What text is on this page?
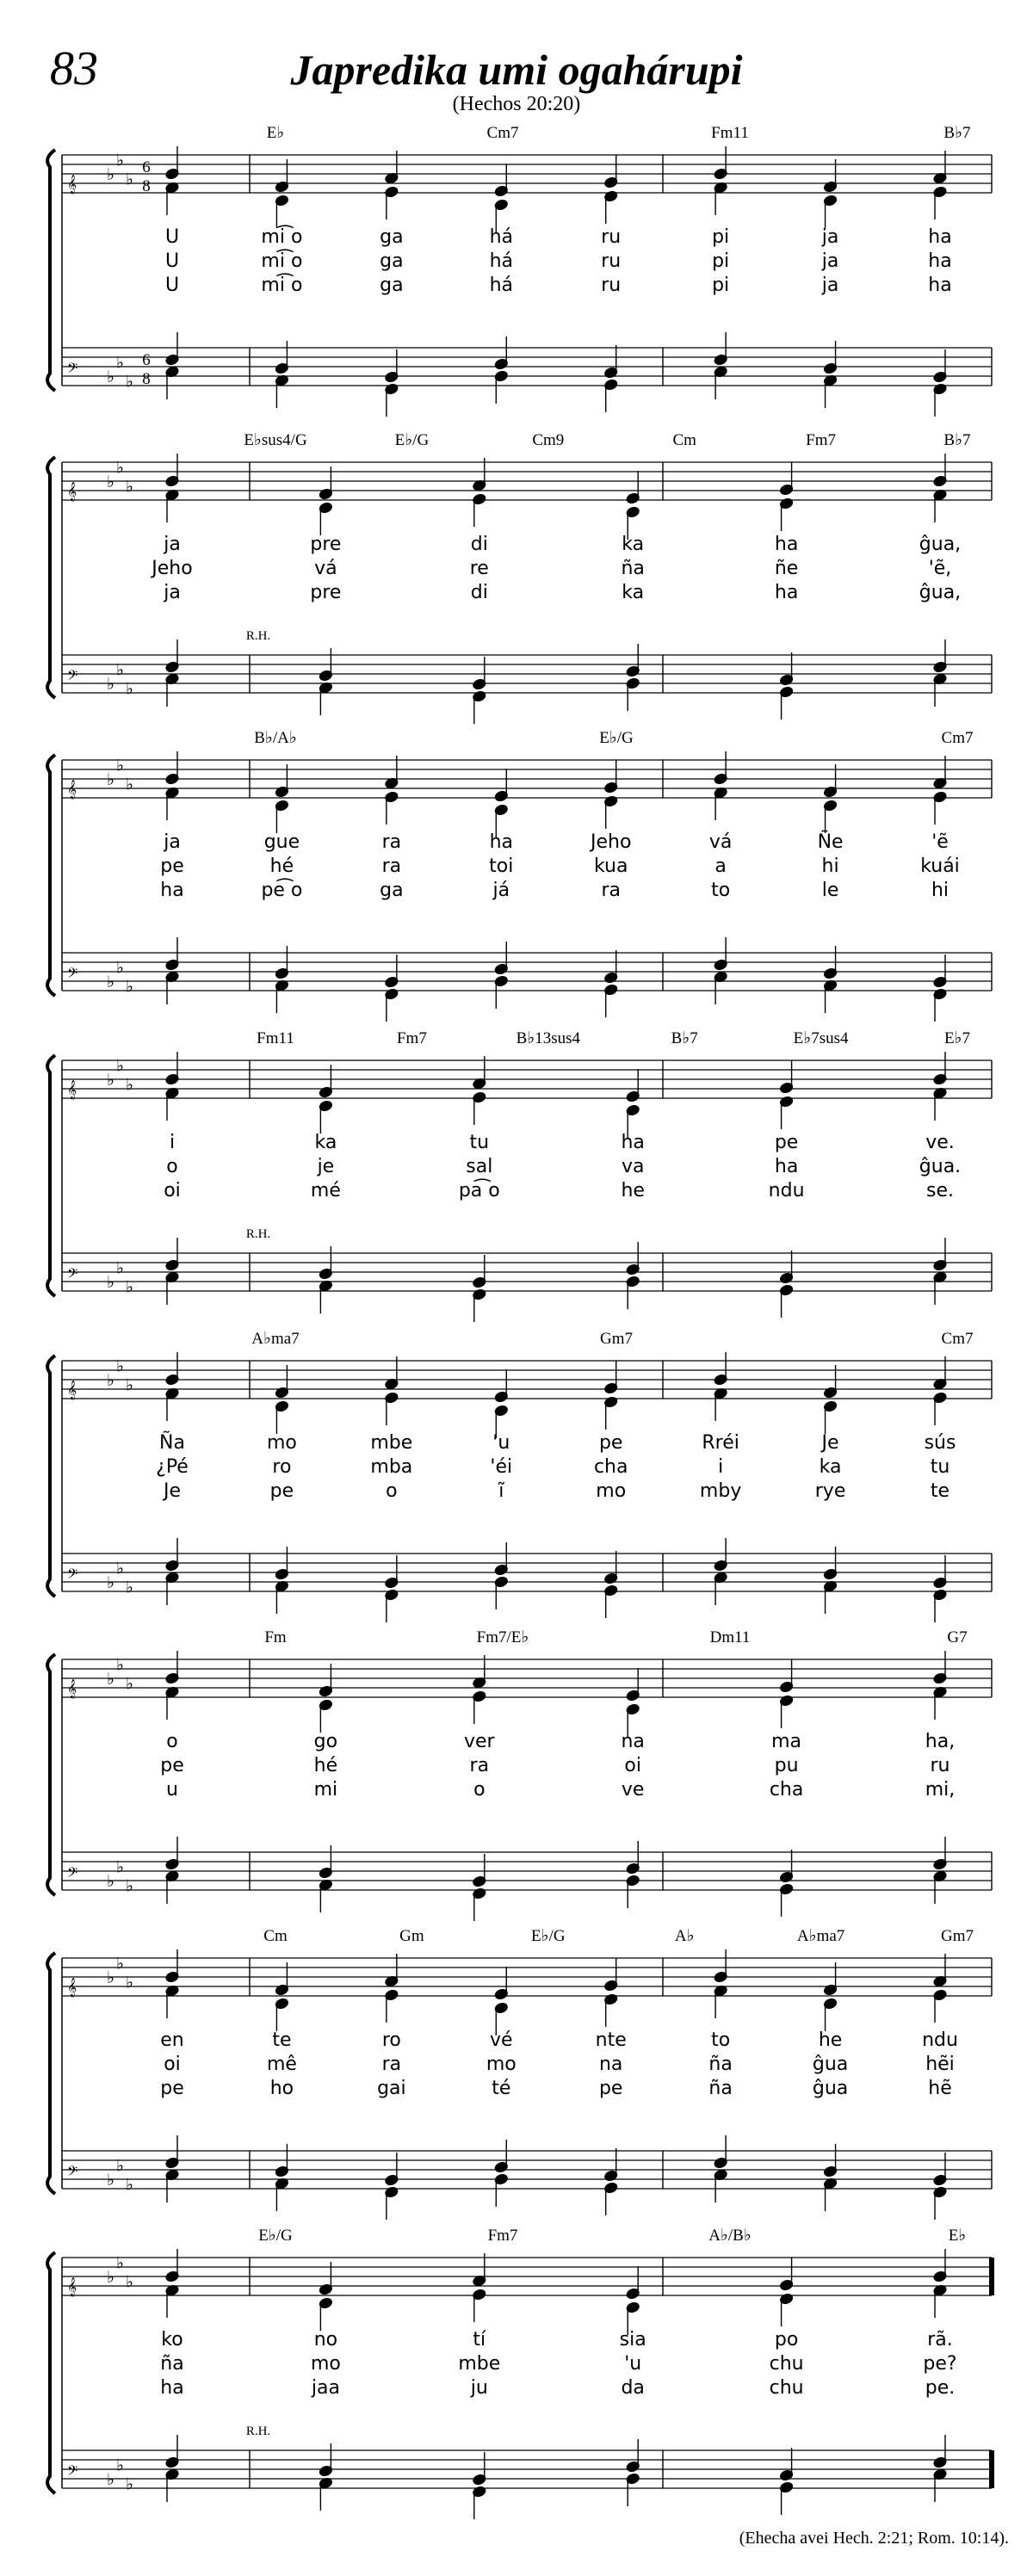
83	Japredika umi ogahárupi
(Hechos 20:20)
𝄞
𝄢
♭
♭
♭
♭
♭
♭
6
8
6
8
E♭	Cm7	Fm11	B♭7
U	mi͡ o	ga	há	ru	pi	ja	ha
U	mi͡ o	ga	há	ru	pi	ja	ha
U	mi͡ o	ga	há	ru	pi	ja	ha
𝄞
𝄢
♭
♭
♭
♭
♭
♭
E♭sus4/G	E♭/G	Cm9	Cm	Fm7	B♭7
ja	pre	di	ka	ha	ĝua,
Jeho	vá	re	ña	ñe	'ẽ,
ja	pre	di	ka	ha	ĝua,
R.H.
𝄞
𝄢
♭
♭
♭
♭
♭
♭
B♭/A♭	E♭/G	Cm7
ja	gue	ra	ha	Jeho	vá	Ñe	'ẽ
pe	hé	ra	toi	kua	a	hi	kuái
ha	pe͡ o	ga	já	ra	to	le	hi
𝄞
𝄢
♭
♭
♭
♭
♭
♭
Fm11	Fm7	B♭13sus4	B♭7	E♭7sus4	E♭7
i	ka	tu	ha	pe	ve.
o	je	sal	va	ha	ĝua.
oi	mé	pa͡ o	he	ndu	se.
R.H.
𝄞
𝄢
♭
♭
♭
♭
♭
♭
A♭ma7	Gm7	Cm7
Ña	mo	mbe	'u	pe	Rréi	Je	sús
¿Pé	ro	mba	'éi	cha	i	ka	tu
Je	pe	o	ĩ	mo	mby	rye	te
𝄞
𝄢
♭
♭
♭
♭
♭
♭
Fm	Fm7/E♭	Dm11	G7
o	go	ver	na	ma	ha,
pe	hé	ra	oi	pu	ru
u	mi	o	ve	cha	mi,
𝄞
𝄢
♭
♭
♭
♭
♭
♭
Cm	Gm	E♭/G	A♭	A♭ma7	Gm7
en	te	ro	vé	nte	to	he	ndu
oi	mê	ra	mo	na	ña	ĝua	hẽi
pe	ho	gai	té	pe	ña	ĝua	hẽ
𝄞
𝄢
♭
♭
♭
♭
♭
♭
E♭/G	Fm7	A♭/B♭	E♭
ko	no	tí	sia	po	rã.
ña	mo	mbe	'u	chu	pe?
ha	jaa	ju	da	chu	pe.
R.H.
(Ehecha avei Hech. 2:21; Rom. 10:14).
